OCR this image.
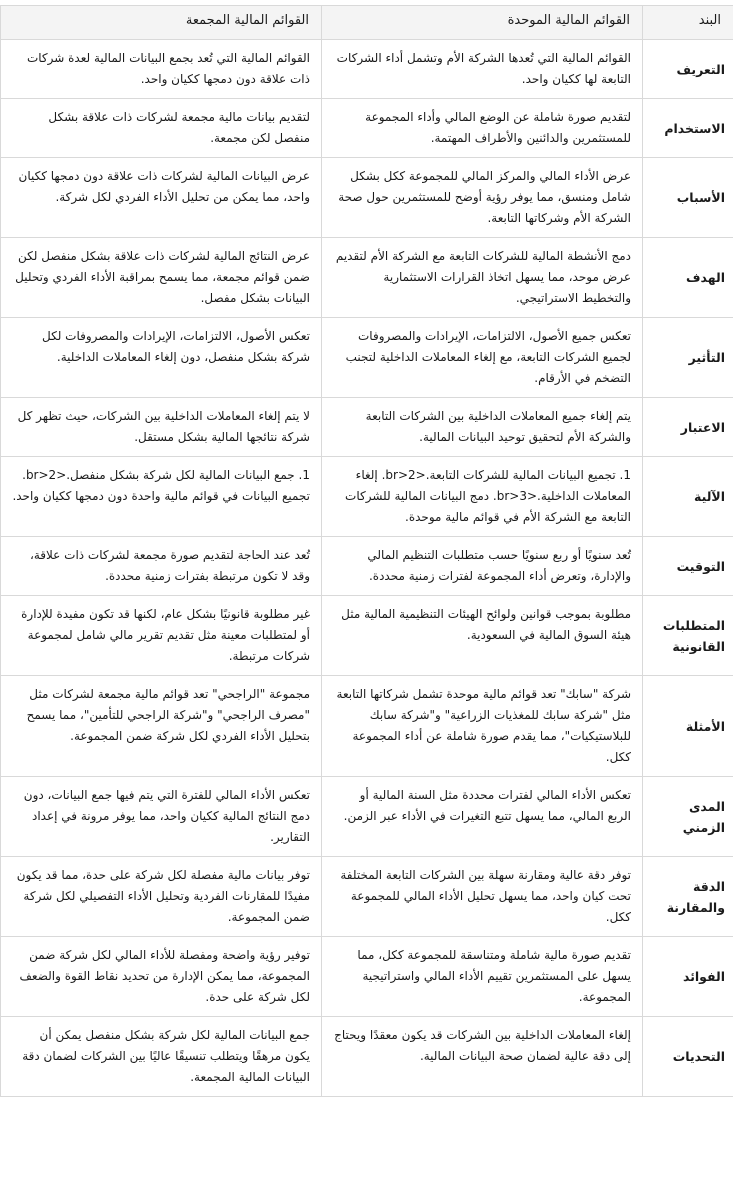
البند	القوائم المالية الموحدة	القوائم المالية المجمعة
التعريف	القوائم المالية التي تُعدها الشركة الأم وتشمل أداء الشركات التابعة لها ككيان واحد.	القوائم المالية التي تُعد بجمع البيانات المالية لعدة شركات ذات علاقة دون دمجها ككيان واحد.
الاستخدام	لتقديم صورة شاملة عن الوضع المالي وأداء المجموعة للمستثمرين والدائنين والأطراف المهتمة.	لتقديم بيانات مالية مجمعة لشركات ذات علاقة بشكل منفصل لكن مجمعة.
الأسباب	عرض الأداء المالي والمركز المالي للمجموعة ككل بشكل شامل ومنسق، مما يوفر رؤية أوضح للمستثمرين حول صحة الشركة الأم وشركاتها التابعة.	عرض البيانات المالية لشركات ذات علاقة دون دمجها ككيان واحد، مما يمكن من تحليل الأداء الفردي لكل شركة.
الهدف	دمج الأنشطة المالية للشركات التابعة مع الشركة الأم لتقديم عرض موحد، مما يسهل اتخاذ القرارات الاستثمارية والتخطيط الاستراتيجي.	عرض النتائج المالية لشركات ذات علاقة بشكل منفصل لكن ضمن قوائم مجمعة، مما يسمح بمراقبة الأداء الفردي وتحليل البيانات بشكل مفصل.
التأثير	تعكس جميع الأصول، الالتزامات، الإيرادات والمصروفات لجميع الشركات التابعة، مع إلغاء المعاملات الداخلية لتجنب التضخم في الأرقام.	تعكس الأصول، الالتزامات، الإيرادات والمصروفات لكل شركة بشكل منفصل، دون إلغاء المعاملات الداخلية.
الاعتبار	يتم إلغاء جميع المعاملات الداخلية بين الشركات التابعة والشركة الأم لتحقيق توحيد البيانات المالية.	لا يتم إلغاء المعاملات الداخلية بين الشركات، حيث تظهر كل شركة نتائجها المالية بشكل مستقل.
الآلية	1. تجميع البيانات المالية للشركات التابعة.<br>2. إلغاء المعاملات الداخلية.<br>3. دمج البيانات المالية للشركات التابعة مع الشركة الأم في قوائم مالية موحدة.	1. جمع البيانات المالية لكل شركة بشكل منفصل.<br>2. تجميع البيانات في قوائم مالية واحدة دون دمجها ككيان واحد.
التوقيت	تُعد سنويًا أو ربع سنويًا حسب متطلبات التنظيم المالي والإدارة، وتعرض أداء المجموعة لفترات زمنية محددة.	تُعد عند الحاجة لتقديم صورة مجمعة لشركات ذات علاقة، وقد لا تكون مرتبطة بفترات زمنية محددة.
المتطلبات القانونية	مطلوبة بموجب قوانين ولوائح الهيئات التنظيمية المالية مثل هيئة السوق المالية في السعودية.	غير مطلوبة قانونيًا بشكل عام، لكنها قد تكون مفيدة للإدارة أو لمتطلبات معينة مثل تقديم تقرير مالي شامل لمجموعة شركات مرتبطة.
الأمثلة	شركة "سابك" تعد قوائم مالية موحدة تشمل شركاتها التابعة مثل "شركة سابك للمغذيات الزراعية" و"شركة سابك للبلاستيكيات"، مما يقدم صورة شاملة عن أداء المجموعة ككل.	مجموعة "الراجحي" تعد قوائم مالية مجمعة لشركات مثل "مصرف الراجحي" و"شركة الراجحي للتأمين"، مما يسمح بتحليل الأداء الفردي لكل شركة ضمن المجموعة.
المدى الزمني	تعكس الأداء المالي لفترات محددة مثل السنة المالية أو الربع المالي، مما يسهل تتبع التغيرات في الأداء عبر الزمن.	تعكس الأداء المالي للفترة التي يتم فيها جمع البيانات، دون دمج النتائج المالية ككيان واحد، مما يوفر مرونة في إعداد التقارير.
الدقة والمقارنة	توفر دقة عالية ومقارنة سهلة بين الشركات التابعة المختلفة تحت كيان واحد، مما يسهل تحليل الأداء المالي للمجموعة ككل.	توفر بيانات مالية مفصلة لكل شركة على حدة، مما قد يكون مفيدًا للمقارنات الفردية وتحليل الأداء التفصيلي لكل شركة ضمن المجموعة.
الفوائد	تقديم صورة مالية شاملة ومتناسقة للمجموعة ككل، مما يسهل على المستثمرين تقييم الأداء المالي واستراتيجية المجموعة.	توفير رؤية واضحة ومفصلة للأداء المالي لكل شركة ضمن المجموعة، مما يمكن الإدارة من تحديد نقاط القوة والضعف لكل شركة على حدة.
التحديات	إلغاء المعاملات الداخلية بين الشركات قد يكون معقدًا ويحتاج إلى دقة عالية لضمان صحة البيانات المالية.	جمع البيانات المالية لكل شركة بشكل منفصل يمكن أن يكون مرهقًا ويتطلب تنسيقًا عاليًا بين الشركات لضمان دقة البيانات المالية المجمعة.
